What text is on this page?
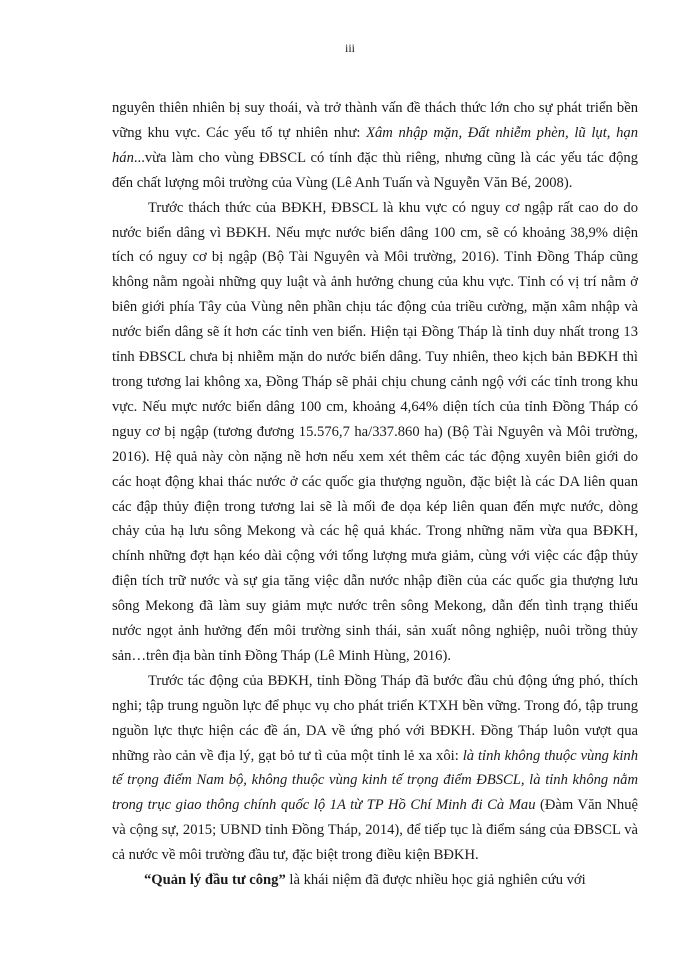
iii

nguyên thiên nhiên bị suy thoái, và trở thành vấn đề thách thức lớn cho sự phát triển bền vững khu vực. Các yếu tố tự nhiên như: Xâm nhập mặn, Đất nhiễm phèn, lũ lụt, hạn hán...vừa làm cho vùng ĐBSCL có tính đặc thù riêng, nhưng cũng là các yếu tác động đến chất lượng môi trường của Vùng (Lê Anh Tuấn và Nguyễn Văn Bé, 2008).

Trước thách thức của BĐKH, ĐBSCL là khu vực có nguy cơ ngập rất cao do do nước biển dâng vì BĐKH. Nếu mực nước biển dâng 100 cm, sẽ có khoảng 38,9% diện tích có nguy cơ bị ngập (Bộ Tài Nguyên và Môi trường, 2016). Tỉnh Đồng Tháp cũng không nằm ngoài những quy luật và ảnh hưởng chung của khu vực. Tỉnh có vị trí nằm ở biên giới phía Tây của Vùng nên phần chịu tác động của triều cường, mặn xâm nhập và nước biển dâng sẽ ít hơn các tỉnh ven biển. Hiện tại Đồng Tháp là tỉnh duy nhất trong 13 tỉnh ĐBSCL chưa bị nhiễm mặn do nước biển dâng. Tuy nhiên, theo kịch bản BĐKH thì trong tương lai không xa, Đồng Tháp sẽ phải chịu chung cảnh ngộ với các tỉnh trong khu vực. Nếu mực nước biển dâng 100 cm, khoảng 4,64% diện tích của tỉnh Đồng Tháp có nguy cơ bị ngập (tương đương 15.576,7 ha/337.860 ha) (Bộ Tài Nguyên và Môi trường, 2016). Hệ quả này còn nặng nề hơn nếu xem xét thêm các tác động xuyên biên giới do các hoạt động khai thác nước ở các quốc gia thượng nguồn, đặc biệt là các DA liên quan các đập thủy điện trong tương lai sẽ là mối đe dọa kép liên quan đến mực nước, dòng chảy của hạ lưu sông Mekong và các hệ quả khác. Trong những năm vừa qua BĐKH, chính những đợt hạn kéo dài cộng với tổng lượng mưa giảm, cùng với việc các đập thủy điện tích trữ nước và sự gia tăng việc dẫn nước nhập điền của các quốc gia thượng lưu sông Mekong đã làm suy giảm mực nước trên sông Mekong, dẫn đến tình trạng thiếu nước ngọt ảnh hưởng đến môi trường sinh thái, sản xuất nông nghiệp, nuôi trồng thủy sản…trên địa bàn tỉnh Đồng Tháp (Lê Minh Hùng, 2016).

Trước tác động của BĐKH, tỉnh Đồng Tháp đã bước đầu chủ động ứng phó, thích nghi; tập trung nguồn lực để phục vụ cho phát triển KTXH bền vững. Trong đó, tập trung nguồn lực thực hiện các đề án, DA về ứng phó với BĐKH. Đồng Tháp luôn vượt qua những rào cản về địa lý, gạt bỏ tư tì của một tỉnh lẻ xa xôi: là tỉnh không thuộc vùng kinh tế trọng điểm Nam bộ, không thuộc vùng kinh tế trọng điểm ĐBSCL, là tỉnh không nằm trong trục giao thông chính quốc lộ 1A từ TP Hồ Chí Minh đi Cà Mau (Đàm Văn Nhuệ và cộng sự, 2015; UBND tỉnh Đồng Tháp, 2014), để tiếp tục là điểm sáng của ĐBSCL và cả nước về môi trường đầu tư, đặc biệt trong điều kiện BĐKH.

“Quản lý đầu tư công” là khái niệm đã được nhiều học giả nghiên cứu với
